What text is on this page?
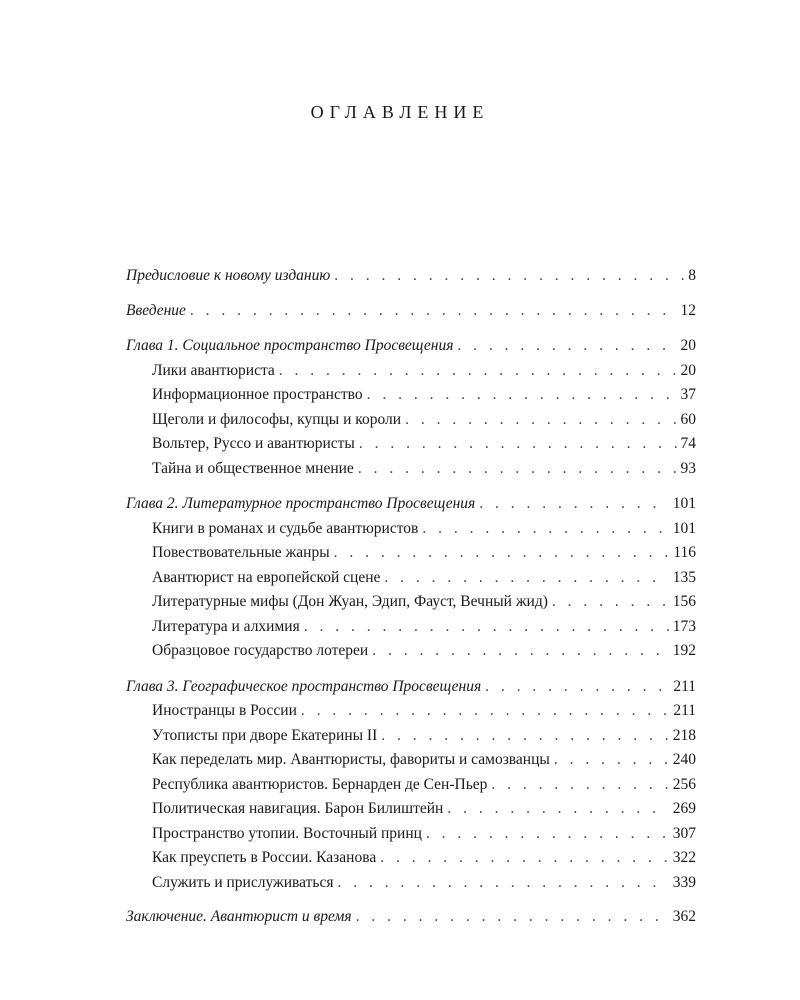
ОГЛАВЛЕНИЕ
Предисловие к новому изданию . . .	8
Введение . . .	12
Глава 1. Социальное пространство Просвещения . . .	20
Лики авантюриста . . .	20
Информационное пространство . . .	37
Щеголи и философы, купцы и короли . . .	60
Вольтер, Руссо и авантюристы . . .	74
Тайна и общественное мнение . . .	93
Глава 2. Литературное пространство Просвещения . . .	101
Книги в романах и судьбе авантюристов . . .	101
Повествовательные жанры . . .	116
Авантюрист на европейской сцене . . .	135
Литературные мифы (Дон Жуан, Эдип, Фауст, Вечный жид) . . .	156
Литература и алхимия . . .	173
Образцовое государство лотереи . . .	192
Глава 3. Географическое пространство Просвещения . . .	211
Иностранцы в России . . .	211
Утописты при дворе Екатерины II . . .	218
Как переделать мир. Авантюристы, фавориты и самозванцы . . .	240
Республика авантюристов. Бернарден де Сен-Пьер . . .	256
Политическая навигация. Барон Билиштейн . . .	269
Пространство утопии. Восточный принц . . .	307
Как преуспеть в России. Казанова . . .	322
Служить и прислуживаться . . .	339
Заключение. Авантюрист и время . . .	362
